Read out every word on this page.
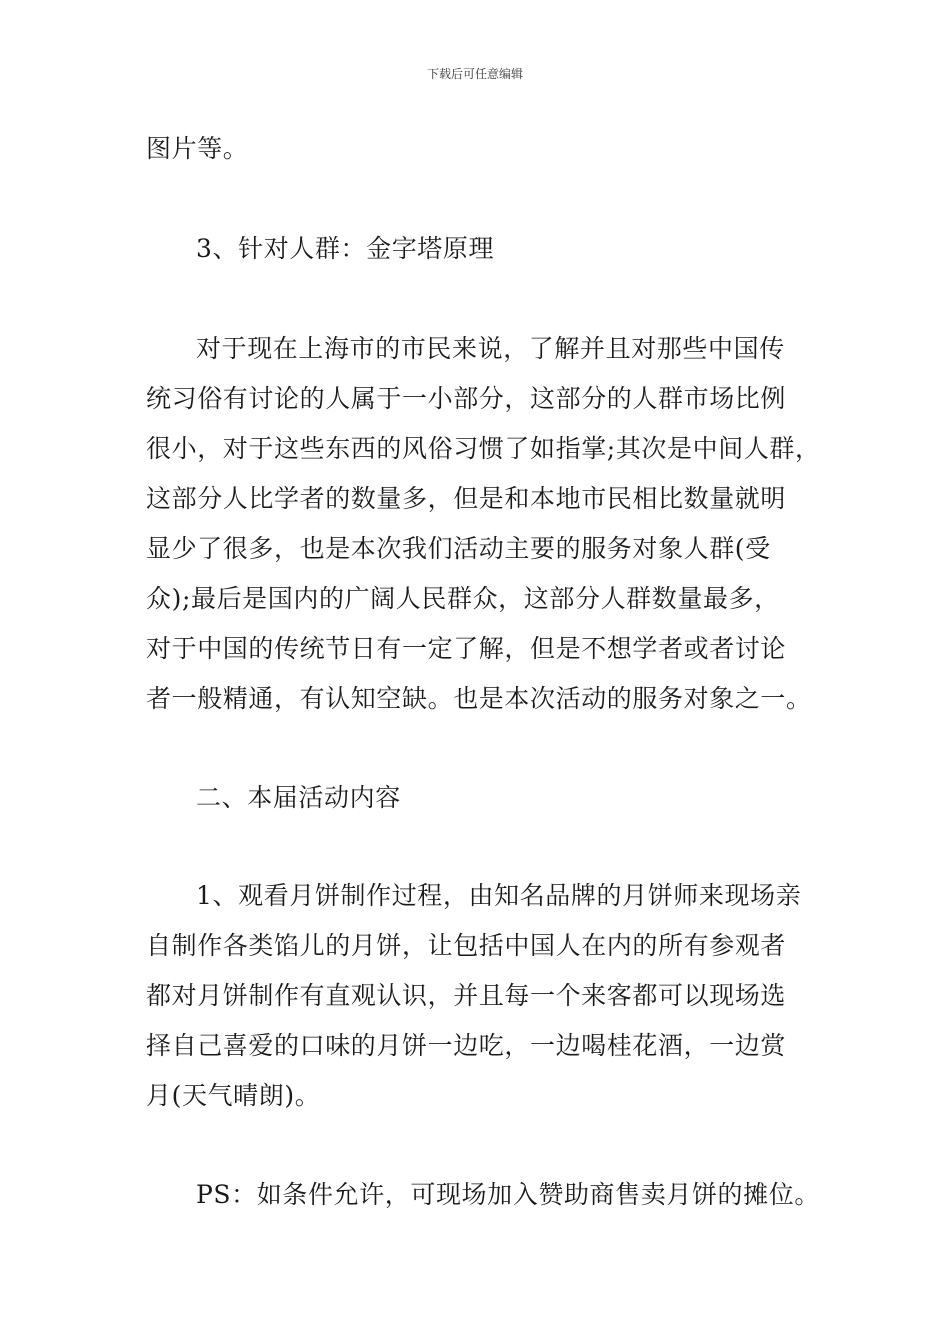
下载后可任意编辑
图片等。
3、针对人群：金字塔原理
对于现在上海市的市民来说，了解并且对那些中国传
统习俗有讨论的人属于一小部分，这部分的人群市场比例
很小，对于这些东西的风俗习惯了如指掌;其次是中间人群，
这部分人比学者的数量多，但是和本地市民相比数量就明
显少了很多，也是本次我们活动主要的服务对象人群(受
众);最后是国内的广阔人民群众，这部分人群数量最多，
对于中国的传统节日有一定了解，但是不想学者或者讨论
者一般精通，有认知空缺。也是本次活动的服务对象之一。
二、本届活动内容
1、观看月饼制作过程，由知名品牌的月饼师来现场亲
自制作各类馅儿的月饼，让包括中国人在内的所有参观者
都对月饼制作有直观认识，并且每一个来客都可以现场选
择自己喜爱的口味的月饼一边吃，一边喝桂花酒，一边赏
月(天气晴朗)。
PS：如条件允许，可现场加入赞助商售卖月饼的摊位。
